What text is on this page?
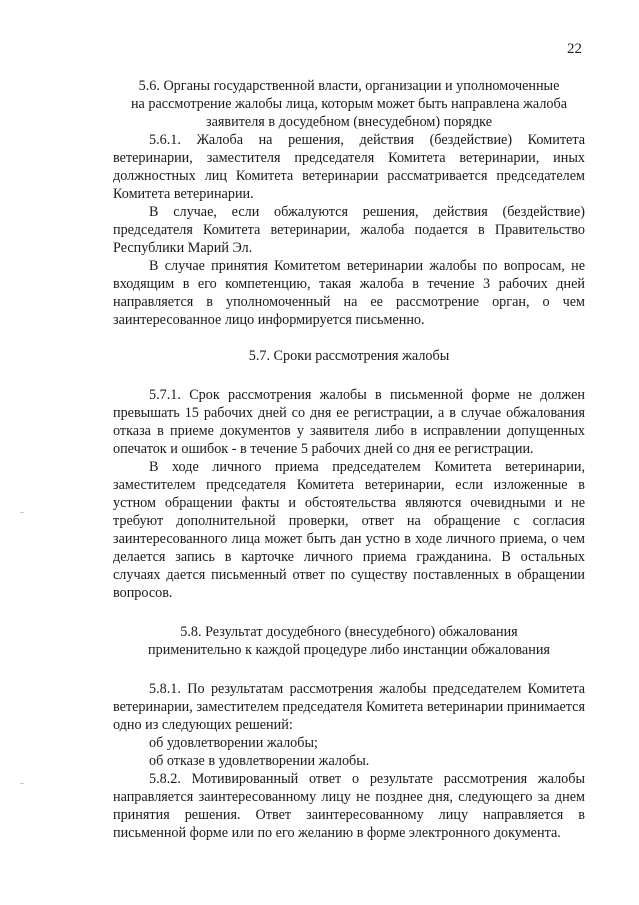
22
5.6. Органы государственной власти, организации и уполномоченные
на рассмотрение жалобы лица, которым может быть направлена жалоба
заявителя в досудебном (внесудебном) порядке
5.6.1. Жалоба на решения, действия (бездействие) Комитета ветеринарии, заместителя председателя Комитета ветеринарии, иных должностных лиц Комитета ветеринарии рассматривается председателем Комитета ветеринарии.
В случае, если обжалуются решения, действия (бездействие) председателя Комитета ветеринарии, жалоба подается в Правительство Республики Марий Эл.
В случае принятия Комитетом ветеринарии жалобы по вопросам, не входящим в его компетенцию, такая жалоба в течение 3 рабочих дней направляется в уполномоченный на ее рассмотрение орган, о чем заинтересованное лицо информируется письменно.
5.7. Сроки рассмотрения жалобы
5.7.1. Срок рассмотрения жалобы в письменной форме не должен превышать 15 рабочих дней со дня ее регистрации, а в случае обжалования отказа в приеме документов у заявителя либо в исправлении допущенных опечаток и ошибок - в течение 5 рабочих дней со дня ее регистрации.
В ходе личного приема председателем Комитета ветеринарии, заместителем председателя Комитета ветеринарии, если изложенные в устном обращении факты и обстоятельства являются очевидными и не требуют дополнительной проверки, ответ на обращение с согласия заинтересованного лица может быть дан устно в ходе личного приема, о чем делается запись в карточке личного приема гражданина. В остальных случаях дается письменный ответ по существу поставленных в обращении вопросов.
5.8. Результат досудебного (внесудебного) обжалования
применительно к каждой процедуре либо инстанции обжалования
5.8.1. По результатам рассмотрения жалобы председателем Комитета ветеринарии, заместителем председателя Комитета ветеринарии принимается одно из следующих решений:
об удовлетворении жалобы;
об отказе в удовлетворении жалобы.
5.8.2. Мотивированный ответ о результате рассмотрения жалобы направляется заинтересованному лицу не позднее дня, следующего за днем принятия решения. Ответ заинтересованному лицу направляется в письменной форме или по его желанию в форме электронного документа.
